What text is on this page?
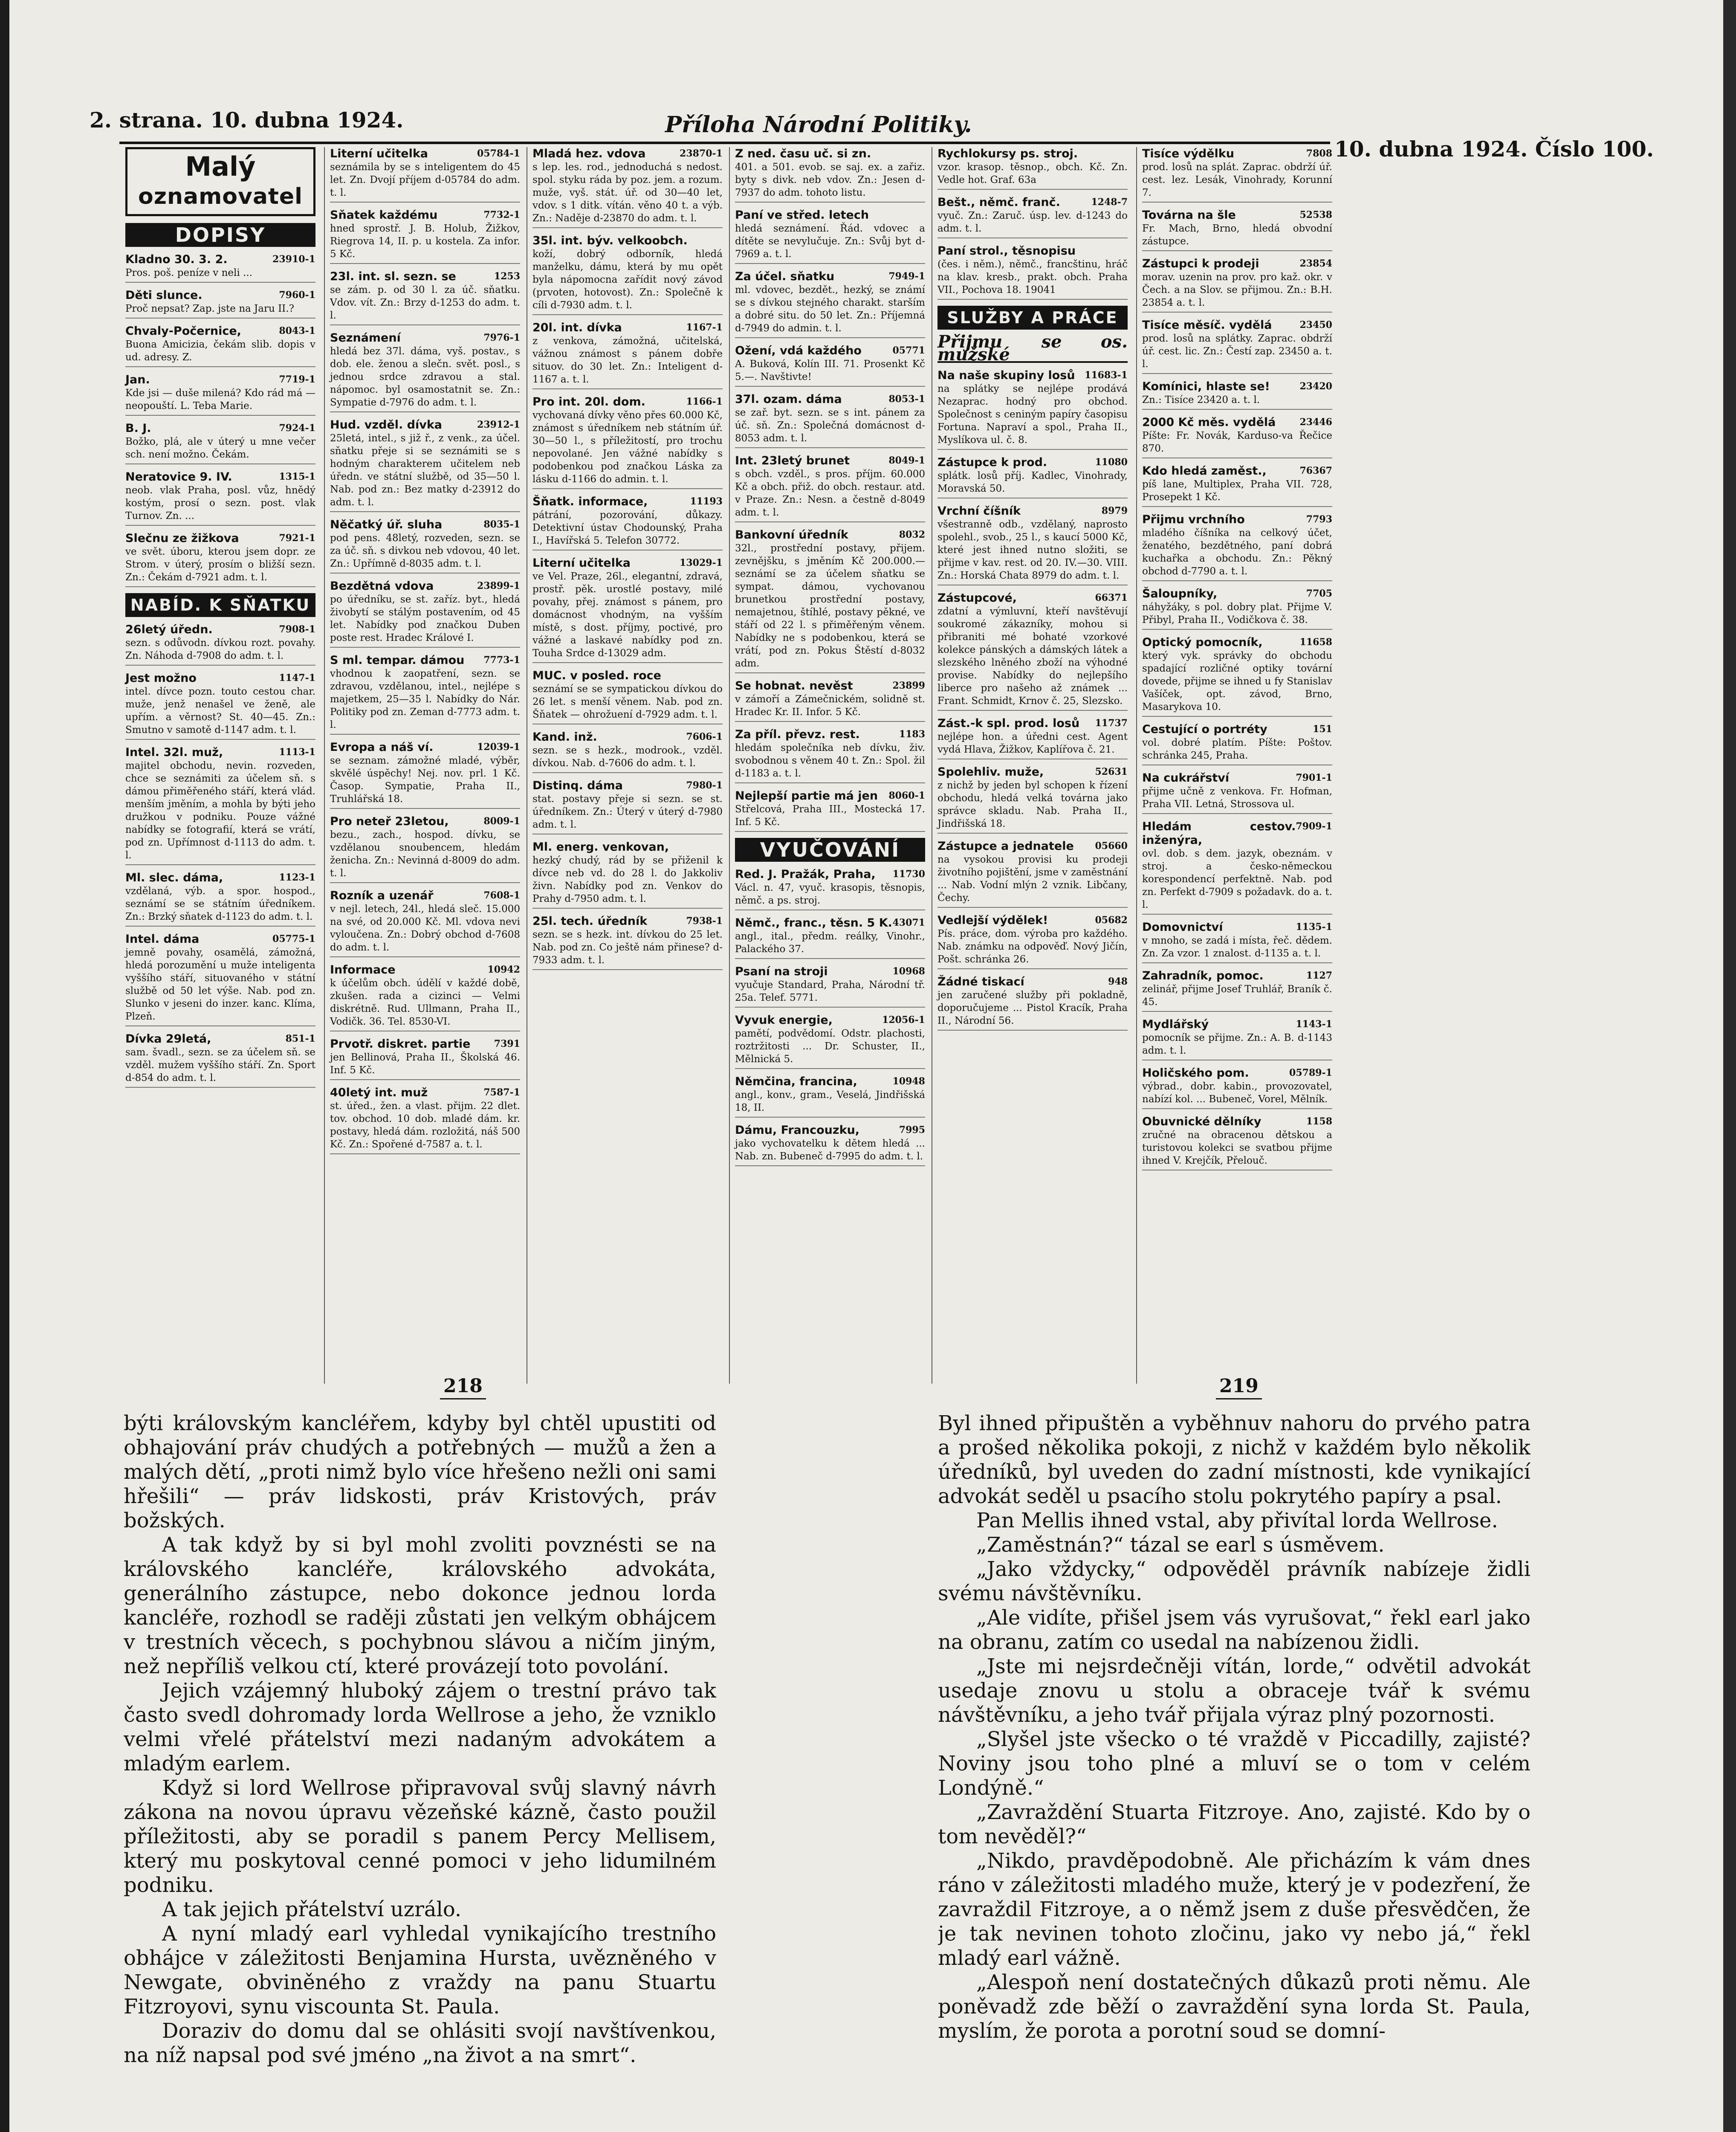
2. strana. 10. dubna 1924.	Příloha Národní Politiky.
10. dubna 1924. Číslo 100.
Malý
oznamovatel
DOPISY
23910-1
Kladno 30. 3. 2.
Pros. poš. peníze v neli ...
7960-1
Děti slunce.
Proč nepsat? Zap. jste na Jaru II.?
8043-1
Chvaly-Počernice,
Buona Amicizia, čekám slib. dopis v ud. adresy. Z.
7719-1
Jan.
Kde jsi — duše milená? Kdo rád má — neopouští. L. Teba Marie.
7924-1
B. J.
Božko, plá, ale v úterý u mne večer sch. není možno. Čekám.
1315-1
Neratovice 9. IV.
neob. vlak Praha, posl. vůz, hnědý kostým, prosí o sezn. post. vlak Turnov. Zn. ...
7921-1
Slečnu ze žižkova
ve svět. úboru, kterou jsem dopr. ze Strom. v úterý, prosím o bližší sezn. Zn.: Čekám d-7921 adm. t. l.
NABÍD. K SŇATKU
7908-1
26letý úředn.
sezn. s odůvodn. dívkou rozt. povahy. Zn. Náhoda d-7908 do adm. t. l.
1147-1
Jest možno
intel. dívce pozn. touto cestou char. muže, jenž nenašel ve ženě, ale upřím. a věrnost? St. 40—45. Zn.: Smutno v samotě d-1147 adm. t. l.
1113-1
Intel. 32l. muž,
majitel obchodu, nevin. rozveden, chce se seznámiti za účelem sň. s dámou přiměřeného stáří, která vlád. menším jměním, a mohla by býti jeho družkou v podniku. Pouze vážné nabídky se fotografií, která se vrátí, pod zn. Upřímnost d-1113 do adm. t. l.
1123-1
Ml. slec. dáma,
vzdělaná, výb. a spor. hospod., seznámí se se státním úředníkem. Zn.: Brzký sňatek d-1123 do adm. t. l.
05775-1
Intel. dáma
jemně povahy, osamělá, zámožná, hledá porozumění u muže inteligenta vyššího stáří, situovaného v státní službě od 50 let výše. Nab. pod zn. Slunko v jeseni do inzer. kanc. Klíma, Plzeň.
851-1
Dívka 29letá,
sam. švadl., sezn. se za účelem sň. se vzděl. mužem vyššího stáří. Zn. Sport d-854 do adm. t. l.
05784-1
Literní učitelka
seznámila by se s inteligentem do 45 let. Zn. Dvojí příjem d-05784 do adm. t. l.
7732-1
Sňatek každému
hned sprostř. J. B. Holub, Žižkov, Riegrova 14, II. p. u kostela. Za infor. 5 Kč.
1253
23l. int. sl. sezn. se
se zám. p. od 30 l. za úč. sňatku. Vdov. vít. Zn.: Brzy d-1253 do adm. t. l.
7976-1
Seznámení
hledá bez 37l. dáma, vyš. postav., s dob. ele. ženou a slečn. svět. posl., s jednou srdce zdravou a stal. nápomoc. byl osamostatnit se. Zn.: Sympatie d-7976 do adm. t. l.
23912-1
Hud. vzděl. dívka
25letá, intel., s již ř., z venk., za účel. sňatku přeje si se seznámiti se s hodným charakterem učitelem neb úředn. ve státní službě, od 35—50 l. Nab. pod zn.: Bez matky d-23912 do adm. t. l.
8035-1
Něčatký úř. sluha
pod pens. 48letý, rozveden, sezn. se za úč. sň. s divkou neb vdovou, 40 let. Zn.: Upřímně d-8035 adm. t. l.
23899-1
Bezdětná vdova
po úředníku, se st. zaříz. byt., hledá živobytí se stálým postavením, od 45 let. Nabídky pod značkou Duben poste rest. Hradec Králové I.
7773-1
S ml. tempar. dámou
vhodnou k zaopatření, sezn. se zdravou, vzdělanou, intel., nejlépe s majetkem, 25—35 l. Nabídky do Nár. Politiky pod zn. Zeman d-7773 adm. t. l.
12039-1
Evropa a náš ví.
se seznam. zámožné mladé, výběr, skvělé úspěchy! Nej. nov. prl. 1 Kč. Časop. Sympatie, Praha II., Truhlářská 18.
8009-1
Pro neteř 23letou,
bezu., zach., hospod. dívku, se vzdělanou snoubencem, hledám ženicha. Zn.: Nevinná d-8009 do adm. t. l.
7608-1
Rozník a uzenář
v nejl. letech, 24l., hledá sleč. 15.000 na své, od 20.000 Kč. Ml. vdova nevi vyloučena. Zn.: Dobrý obchod d-7608 do adm. t. l.
10942
Informace
k účelům obch. údělí v každé době, zkušen. rada a cizinci — Velmi diskrétně. Rud. Ullmann, Praha II., Vodičk. 36. Tel. 8530-VI.
7391
Prvotř. diskret. partie
jen Bellinová, Praha II., Školská 46. Inf. 5 Kč.
7587-1
40letý int. muž
st. úřed., žen. a vlast. přijm. 22 dlet. tov. obchod. 10 dob. mladé dám. kr. postavy, hledá dám. rozložitá, náš 500 Kč. Zn.: Spořené d-7587 a. t. l.
23870-1
Mladá hez. vdova
s lep. les. rod., jednoduchá s nedost. spol. styku ráda by poz. jem. a rozum. muže, vyš. stát. úř. od 30—40 let, vdov. s 1 ditk. vítán. věno 40 t. a výb. Zn.: Naděje d-23870 do adm. t. l.
35l. int. býv. velkoobch.
koží, dobrý odborník, hledá manželku, dámu, která by mu opět byla nápomocna zařídit nový závod (prvoten, hotovost). Zn.: Společně k cíli d-7930 adm. t. l.
1167-1
20l. int. dívka
z venkova, zámožná, učitelská, vážnou známost s pánem dobře situov. do 30 let. Zn.: Inteligent d-1167 a. t. l.
1166-1
Pro int. 20l. dom.
vychovaná dívky věno přes 60.000 Kč, známost s úředníkem neb státním úř. 30—50 l., s příležitostí, pro trochu nepovolané. Jen vážné nabídky s podobenkou pod značkou Láska za lásku d-1166 do admin. t. l.
11193
Šňatk. informace,
pátrání, pozorování, důkazy. Detektivní ústav Chodounský, Praha I., Havířská 5. Telefon 30772.
13029-1
Literní učitelka
ve Vel. Praze, 26l., elegantní, zdravá, prostř. pěk. urostlé postavy, milé povahy, přej. známost s pánem, pro domácnost vhodným, na vyšším místě, s dost. příjmy, poctivé, pro vážné a laskavé nabídky pod zn. Touha Srdce d-13029 adm.
MUC. v posled. roce
seznámí se se sympatickou dívkou do 26 let. s menší věnem. Nab. pod zn. Šňatek — ohrožuení d-7929 adm. t. l.
7606-1
Kand. inž.
sezn. se s hezk., modrook., vzděl. dívkou. Nab. d-7606 do adm. t. l.
7980-1
Distinq. dáma
stat. postavy přeje si sezn. se st. úředníkem. Zn.: Úterý v úterý d-7980 adm. t. l.
Ml. energ. venkovan,
hezký chudý, rád by se přiženil k dívce neb vd. do 28 l. do Jakkoliv živn. Nabídky pod zn. Venkov do Prahy d-7950 adm. t. l.
7938-1
25l. tech. úředník
sezn. se s hezk. int. dívkou do 25 let. Nab. pod zn. Co ještě nám přinese? d-7933 adm. t. l.
Z ned. času uč. si zn.
401. a 501. evob. se saj. ex. a zařiz. byty s divk. neb vdov. Zn.: Jesen d-7937 do adm. tohoto listu.
Paní ve střed. letech
hledá seznámení. Řád. vdovec a dítěte se nevylučuje. Zn.: Svůj byt d-7969 a. t. l.
7949-1
Za účel. sňatku
ml. vdovec, bezdět., hezký, se známí se s dívkou stejného charakt. starším a dobré situ. do 50 let. Zn.: Příjemná d-7949 do admin. t. l.
05771
Ožení, vdá každého
A. Buková, Kolín III. 71. Prosenkt Kč 5.—. Navštivte!
8053-1
37l. ozam. dáma
se zař. byt. sezn. se s int. pánem za úč. sň. Zn.: Společná domácnost d-8053 adm. t. l.
8049-1
Int. 23letý brunet
s obch. vzděl., s pros. příjm. 60.000 Kč a obch. přiž. do obch. restaur. atd. v Praze. Zn.: Nesn. a čestně d-8049 adm. t. l.
8032
Bankovní úředník
32l., prostřední postavy, přijem. zevnějšku, s jměním Kč 200.000.— seznámí se za účelem sňatku se sympat. dámou, vychovanou brunetkou prostřední postavy, nemajetnou, štíhlé, postavy pěkné, ve stáří od 22 l. s přiměřeným věnem. Nabídky ne s podobenkou, která se vrátí, pod zn. Pokus Štěstí d-8032 adm.
23899
Se hobnat. nevěst
v zámoří a Zámečnickém, solidně st. Hradec Kr. II. Infor. 5 Kč.
1183
Za příl. převz. rest.
hledám společníka neb dívku, živ. svobodnou s věnem 40 t. Zn.: Spol. žil d-1183 a. t. l.
8060-1
Nejlepší partie má jen
Střelcová, Praha III., Mostecká 17. Inf. 5 Kč.
VYUČOVÁNÍ
11730
Red. J. Pražák, Praha,
Václ. n. 47, vyuč. krasopis, těsnopis, němč. a ps. stroj.
43071
Němč., franc., těsn. 5 K.
angl., ital., předm. reálky, Vinohr., Palackého 37.
10968
Psaní na stroji
vyučuje Standard, Praha, Národní tř. 25a. Telef. 5771.
12056-1
Vyvuk energie,
pamětí, podvědomí. Odstr. plachosti, roztržitosti ... Dr. Schuster, II., Mělnická 5.
10948
Němčina, francina,
angl., konv., gram., Veselá, Jindřišská 18, II.
7995
Dámu, Francouzku,
jako vychovatelku k dětem hledá ... Nab. zn. Bubeneč d-7995 do adm. t. l.
Rychlokursy ps. stroj.
vzor. krasop. těsnop., obch. Kč. Zn. Vedle hot. Graf. 63a
1248-7
Bešt., němč. franč.
vyuč. Zn.: Zaruč. úsp. lev. d-1243 do adm. t. l.
Paní strol., těsnopisu
(čes. i něm.), němč., francštinu, hráč na klav. kresb., prakt. obch. Praha VII., Pochova 18. 19041
SLUŽBY A PRÁCE
Přijmu se os. mužské
11683-1
Na naše skupiny losů
na splátky se nejlépe prodává Nezaprac. hodný pro obchod. Společnost s ceniným papíry časopisu Fortuna. Napraví a spol., Praha II., Myslíkova ul. č. 8.
11080
Zástupce k prod.
splátk. losů příj. Kadlec, Vinohrady, Moravská 50.
8979
Vrchní číšník
všestranně odb., vzdělaný, naprosto spolehl., svob., 25 l., s kaucí 5000 Kč, které jest ihned nutno složiti, se přijme v kav. rest. od 20. IV.—30. VIII. Zn.: Horská Chata 8979 do adm. t. l.
66371
Zástupcové,
zdatní a výmluvní, kteří navštěvují soukromé zákazníky, mohou si přibraniti mé bohaté vzorkové kolekce pánských a dámských látek a slezského lněného zboží na výhodné provise. Nabídky do nejlepšího liberce pro našeho až známek ... Frant. Schmidt, Krnov č. 25, Slezsko.
11737
Zást.-k spl. prod. losů
nejlépe hon. a úředni cest. Agent vydá Hlava, Žižkov, Kaplířova č. 21.
52631
Spolehliv. muže,
z nichž by jeden byl schopen k řízení obchodu, hledá velká továrna jako správce skladu. Nab. Praha II., Jindřišská 18.
05660
Zástupce a jednatele
na vysokou provisi ku prodeji životního pojištění, jsme v zaměstnání ... Nab. Vodní mlýn 2 vznik. Libčany, Čechy.
05682
Vedlejší výdělek!
Pís. práce, dom. výroba pro každého. Nab. známku na odpověď. Nový Jičín, Pošt. schránka 26.
948
Žádné tiskací
jen zaručené služby při pokladně, doporučujeme ... Pistol Kracík, Praha II., Národní 56.
7808
Tisíce výdělku
prod. losů na splát. Zaprac. obdrží úř. cest. lez. Lesák, Vinohrady, Korunní 7.
52538
Továrna na šle
Fr. Mach, Brno, hledá obvodní zástupce.
23854
Zástupci k prodeji
morav. uzenin na prov. pro kaž. okr. v Čech. a na Slov. se přijmou. Zn.: B.H. 23854 a. t. l.
23450
Tisíce měsíč. vydělá
prod. losů na splátky. Zaprac. obdrží úř. cest. lic. Zn.: Čestí zap. 23450 a. t. l.
23420
Komínici, hlaste se!
Zn.: Tisíce 23420 a. t. l.
23446
2000 Kč měs. vydělá
Píšte: Fr. Novák, Karduso-va Řečice 870.
76367
Kdo hledá zaměst.,
píš lane, Multiplex, Praha VII. 728, Prosepekt 1 Kč.
7793
Přijmu vrchního
mladého číšníka na celkový účet, ženatého, bezdětného, paní dobrá kuchařka a obchodu. Zn.: Pěkný obchod d-7790 a. t. l.
7705
Šaloupníky,
náhyžáky, s pol. dobry plat. Přijme V. Přibyl, Praha II., Vodičkova č. 38.
11658
Optický pomocník,
který vyk. správky do obchodu spadající rozličné optiky tovární dovede, přijme se ihned u fy Stanislav Vašíček, opt. závod, Brno, Masarykova 10.
151
Cestující o portréty
vol. dobré platím. Píšte: Poštov. schránka 245, Praha.
7901-1
Na cukrářství
přijme učně z venkova. Fr. Hofman, Praha VII. Letná, Strossova ul.
7909-1
Hledám cestov. inženýra,
ovl. dob. s dem. jazyk, obeznám. v stroj. a česko-německou korespondencí perfektně. Nab. pod zn. Perfekt d-7909 s požadavk. do a. t. l.
1135-1
Domovnictví
v mnoho, se zadá i místa, řeč. dědem. Zn. Za vzor. 1 znalost. d-1135 a. t. l.
1127
Zahradník, pomoc.
zelinář, přijme Josef Truhlář, Braník č. 45.
1143-1
Mydlářský
pomocník se přijme. Zn.: A. B. d-1143 adm. t. l.
05789-1
Holičského pom.
výbrad., dobr. kabin., provozovatel, nabízí kol. ... Bubeneč, Vorel, Mělník.
1158
Obuvnické dělníky
zručné na obracenou dětskou a turistovou kolekci se svatbou přijme ihned V. Krejčík, Přelouč.
218	219

býti královským kancléřem, kdyby byl chtěl upustiti od obhajování práv chudých a potřebných — mužů a žen a malých dětí, „proti nimž bylo více hřešeno nežli oni sami hřešili“ — práv lidskosti, práv Kristových, práv božských.

A tak když by si byl mohl zvoliti povznésti se na královského kancléře, královského advokáta, generálního zástupce, nebo dokonce jednou lorda kancléře, rozhodl se raději zůstati jen velkým obhájcem v trestních věcech, s pochybnou slávou a ničím jiným, než nepříliš velkou ctí, které provázejí toto povolání.

Jejich vzájemný hluboký zájem o trestní právo tak často svedl dohromady lorda Wellrose a jeho, že vzniklo velmi vřelé přátelství mezi nadaným advokátem a mladým earlem.

Když si lord Wellrose připravoval svůj slavný návrh zákona na novou úpravu vězeňské kázně, často použil příležitosti, aby se poradil s panem Percy Mellisem, který mu poskytoval cenné pomoci v jeho lidumilném podniku.

A tak jejich přátelství uzrálo.

A nyní mladý earl vyhledal vynikajícího trestního obhájce v záležitosti Benjamina Hursta, uvězněného v Newgate, obviněného z vraždy na panu Stuartu Fitzroyovi, synu viscounta St. Paula.

Doraziv do domu dal se ohlásiti svojí navštívenkou, na níž napsal pod své jméno „na život a na smrt“.

Byl ihned připuštěn a vyběhnuv nahoru do prvého patra a prošed několika pokoji, z nichž v každém bylo několik úředníků, byl uveden do zadní místnosti, kde vynikající advokát seděl u psacího stolu pokrytého papíry a psal.

Pan Mellis ihned vstal, aby přivítal lorda Wellrose.

„Zaměstnán?“ tázal se earl s úsměvem.

„Jako vždycky,“ odpověděl právník nabízeje židli svému návštěvníku.

„Ale vidíte, přišel jsem vás vyrušovat,“ řekl earl jako na obranu, zatím co usedal na nabízenou židli.

„Jste mi nejsrdečněji vítán, lorde,“ odvětil advokát usedaje znovu u stolu a obraceje tvář k svému návštěvníku, a jeho tvář přijala výraz plný pozornosti.

„Slyšel jste všecko o té vraždě v Piccadilly, zajisté? Noviny jsou toho plné a mluví se o tom v celém Londýně.“

„Zavraždění Stuarta Fitzroye. Ano, zajisté. Kdo by o tom nevěděl?“

„Nikdo, pravděpodobně. Ale přicházím k vám dnes ráno v záležitosti mladého muže, který je v podezření, že zavraždil Fitzroye, a o němž jsem z duše přesvědčen, že je tak nevinen tohoto zločinu, jako vy nebo já,“ řekl mladý earl vážně.

„Alespoň není dostatečných důkazů proti němu. Ale poněvadž zde běží o zavraždění syna lorda St. Paula, myslím, že porota a porotní soud se domní-
